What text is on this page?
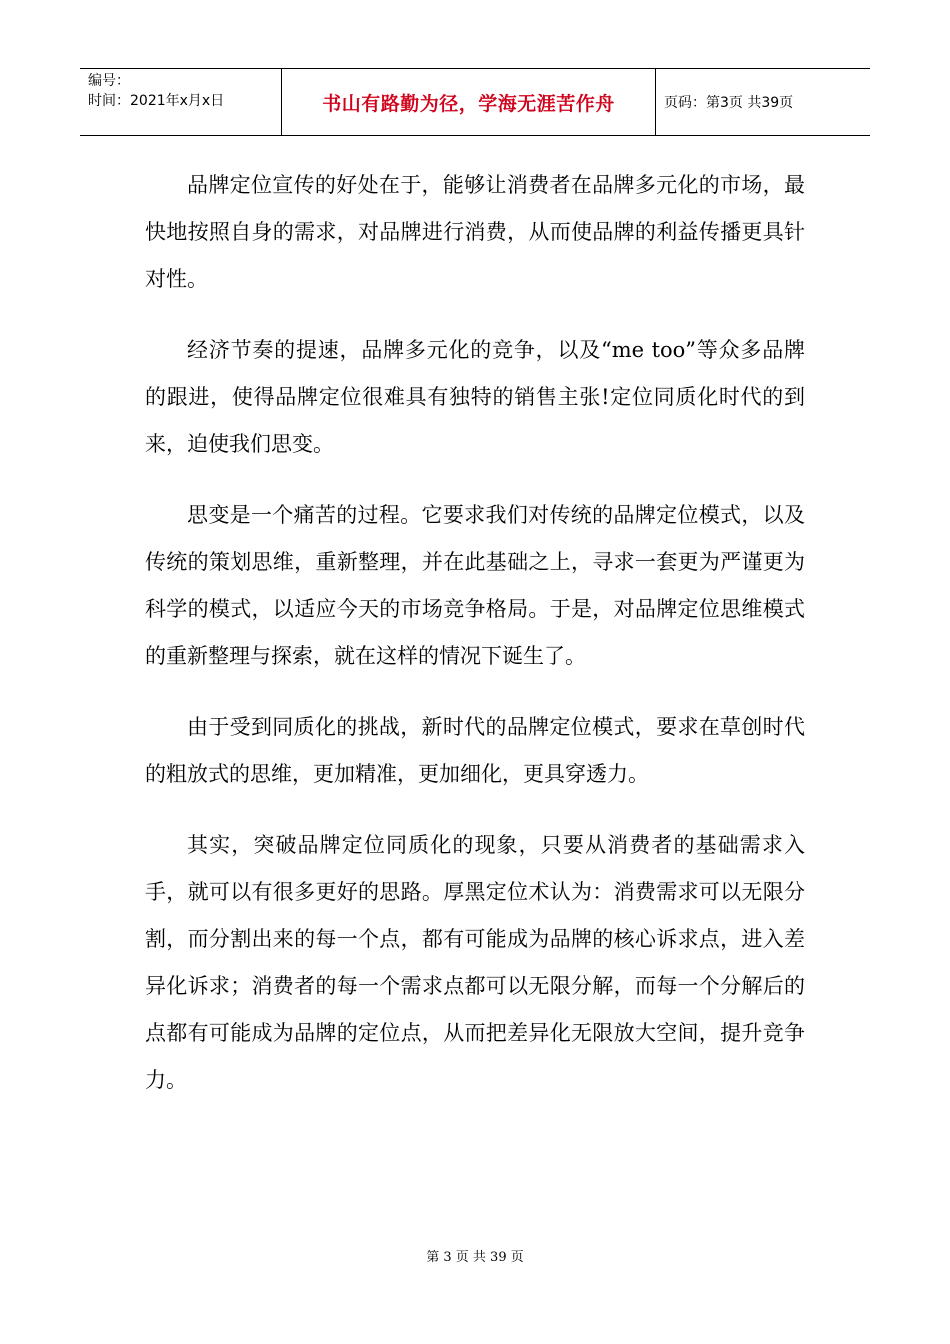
编号：
时间：2021年x月x日	书山有路勤为径，学海无涯苦作舟	页码：第3页 共39页

品牌定位宣传的好处在于，能够让消费者在品牌多元化的市场，最快地按照自身的需求，对品牌进行消费，从而使品牌的利益传播更具针对性。

经济节奏的提速，品牌多元化的竞争，以及“me too”等众多品牌的跟进，使得品牌定位很难具有独特的销售主张!定位同质化时代的到来，迫使我们思变。

思变是一个痛苦的过程。它要求我们对传统的品牌定位模式，以及传统的策划思维，重新整理，并在此基础之上，寻求一套更为严谨更为科学的模式，以适应今天的市场竞争格局。于是，对品牌定位思维模式的重新整理与探索，就在这样的情况下诞生了。

由于受到同质化的挑战，新时代的品牌定位模式，要求在草创时代的粗放式的思维，更加精准，更加细化，更具穿透力。

其实，突破品牌定位同质化的现象，只要从消费者的基础需求入手，就可以有很多更好的思路。厚黑定位术认为：消费需求可以无限分割，而分割出来的每一个点，都有可能成为品牌的核心诉求点，进入差异化诉求；消费者的每一个需求点都可以无限分解，而每一个分解后的点都有可能成为品牌的定位点，从而把差异化无限放大空间，提升竞争力。

第 3 页 共 39 页
